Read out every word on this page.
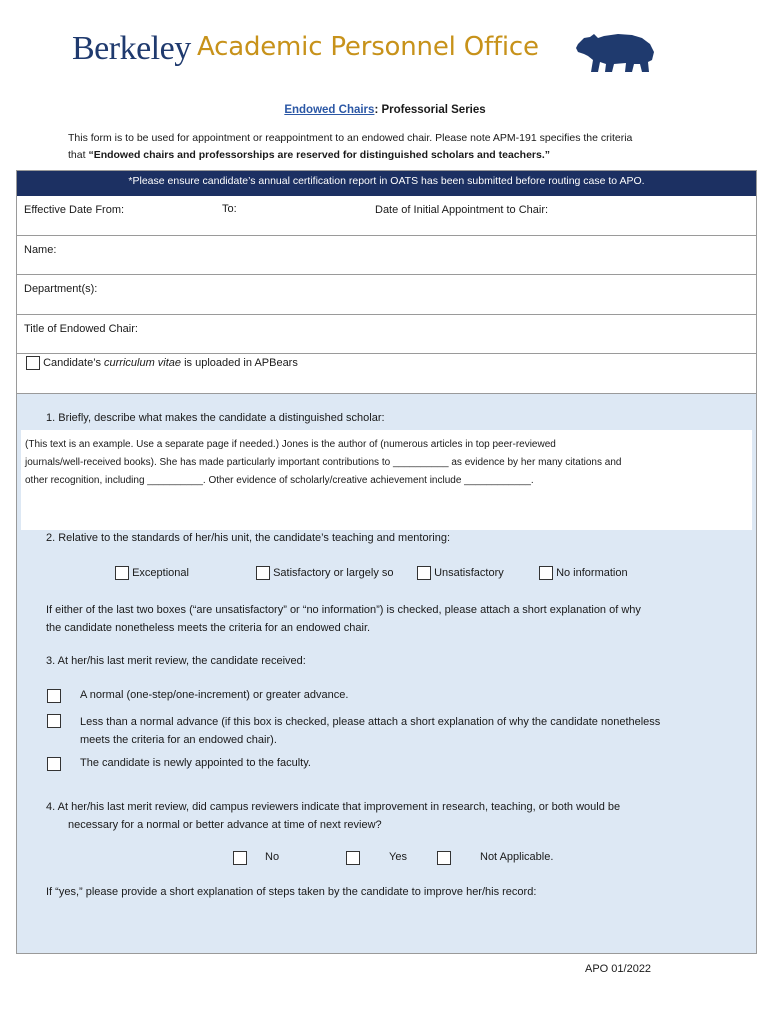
Berkeley Academic Personnel Office
Endowed Chairs: Professorial Series
This form is to be used for appointment or reappointment to an endowed chair. Please note APM-191 specifies the criteria
that “Endowed chairs and professorships are reserved for distinguished scholars and teachers.”
*Please ensure candidate’s annual certification report in OATS has been submitted before routing case to APO.
Effective Date From:	To:	Date of Initial Appointment to Chair:
Name:
Department(s):
Title of Endowed Chair:
Candidate’s curriculum vitae is uploaded in APBears
1. Briefly, describe what makes the candidate a distinguished scholar:
(This text is an example. Use a separate page if needed.) Jones is the author of (numerous articles in top peer-reviewed
journals/well-received books). She has made particularly important contributions to __________ as evidence by her many citations and
other recognition, including __________. Other evidence of scholarly/creative achievement include ____________.
2. Relative to the standards of her/his unit, the candidate’s teaching and mentoring:
Exceptional	Satisfactory or largely so	Unsatisfactory	No information
If either of the last two boxes (“are unsatisfactory” or “no information”) is checked, please attach a short explanation of why
the candidate nonetheless meets the criteria for an endowed chair.
3. At her/his last merit review, the candidate received:
A normal (one-step/one-increment) or greater advance.
Less than a normal advance (if this box is checked, please attach a short explanation of why the candidate nonetheless
meets the criteria for an endowed chair).
The candidate is newly appointed to the faculty.
4. At her/his last merit review, did campus reviewers indicate that improvement in research, teaching, or both would be
necessary for a normal or better advance at time of next review?
No	Yes	Not Applicable.
If “yes,” please provide a short explanation of steps taken by the candidate to improve her/his record:
APO 01/2022
